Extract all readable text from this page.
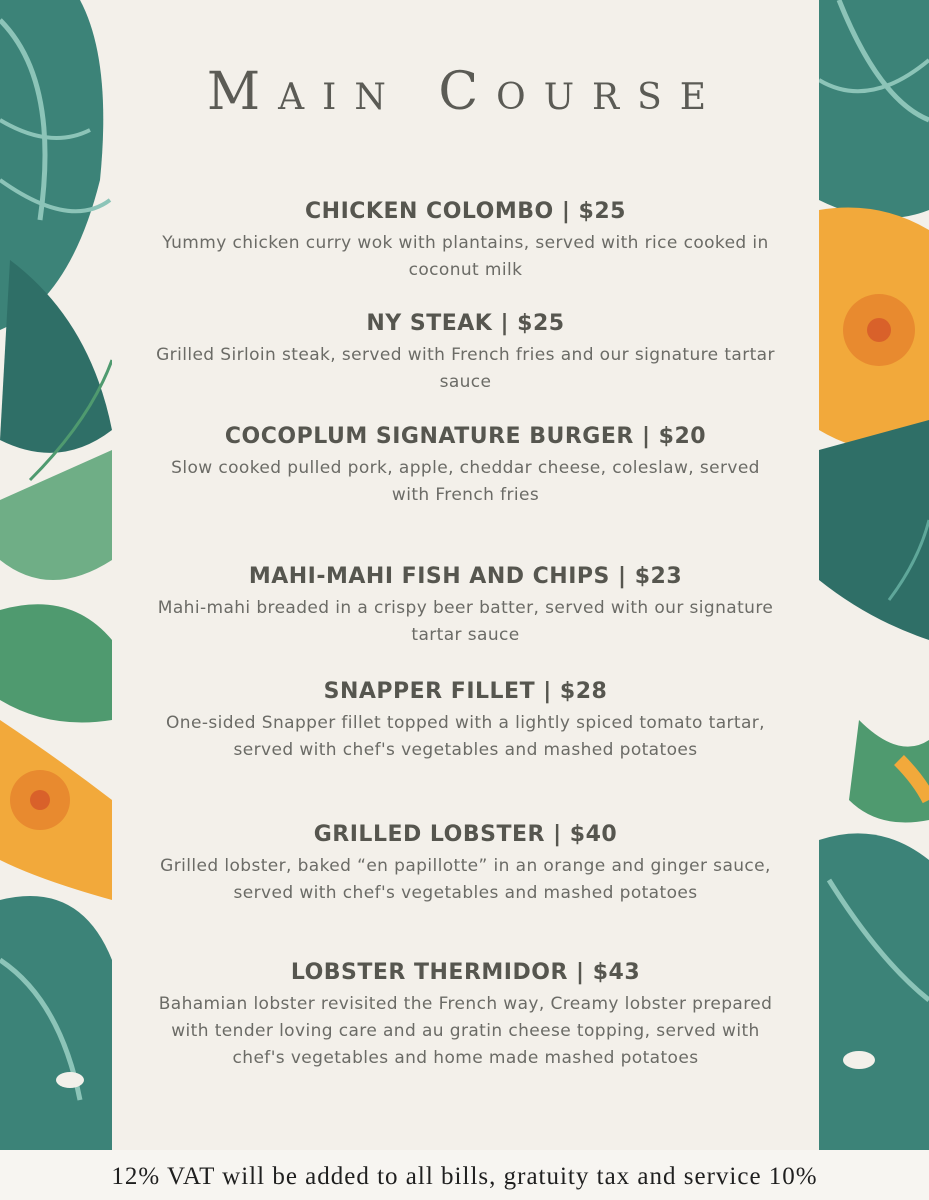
Main Course
CHICKEN COLOMBO | $25
Yummy chicken curry wok with plantains, served with rice cooked in coconut milk
NY STEAK | $25
Grilled Sirloin steak, served with French fries and our signature tartar sauce
COCOPLUM SIGNATURE BURGER | $20
Slow cooked pulled pork, apple, cheddar cheese, coleslaw, served with French fries
MAHI-MAHI FISH AND CHIPS | $23
Mahi-mahi breaded in a crispy beer batter, served with our signature tartar sauce
SNAPPER FILLET | $28
One-sided Snapper fillet topped with a lightly spiced tomato tartar, served with chef's vegetables and mashed potatoes
GRILLED LOBSTER | $40
Grilled lobster, baked “en papillotte” in an orange and ginger sauce, served with chef's vegetables and mashed potatoes
LOBSTER THERMIDOR | $43
Bahamian lobster revisited the French way, Creamy lobster prepared with tender loving care and au gratin cheese topping, served with chef's vegetables and home made mashed potatoes
12% VAT will be added to all bills, gratuity tax and service 10%
